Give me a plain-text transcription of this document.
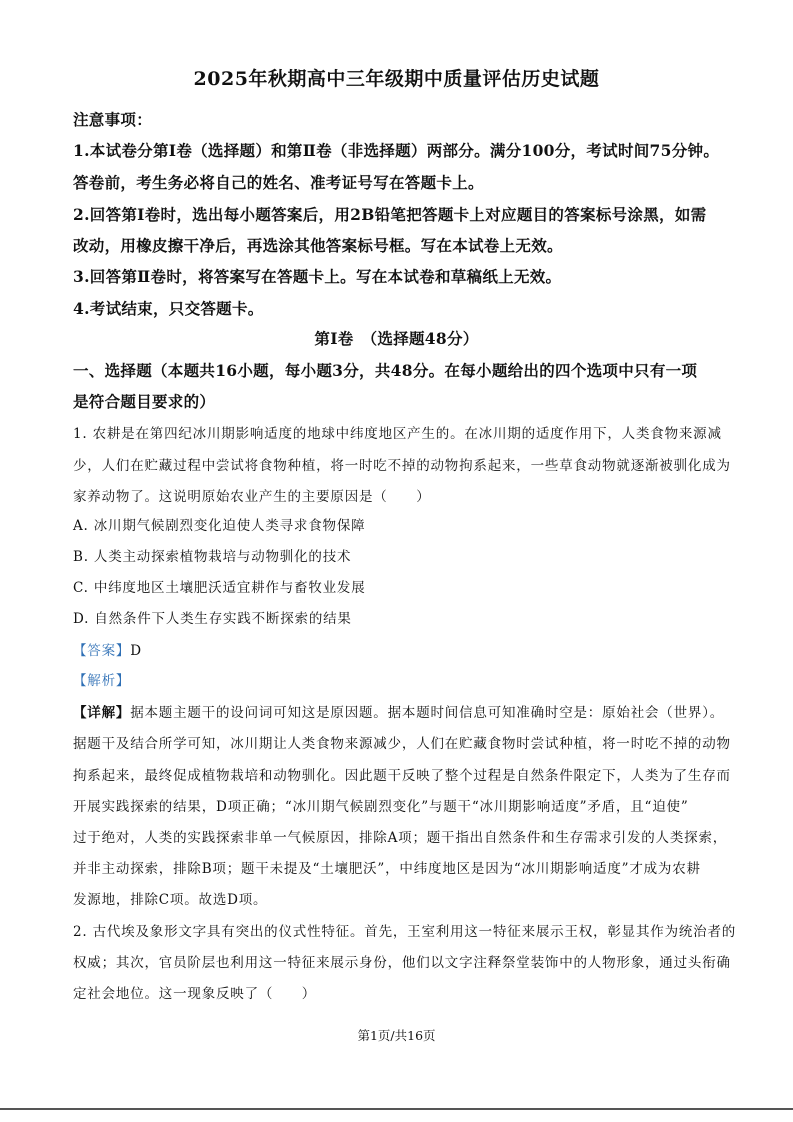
2025年秋期高中三年级期中质量评估历史试题
注意事项：
1.本试卷分第Ⅰ卷（选择题）和第Ⅱ卷（非选择题）两部分。满分100分，考试时间75分钟。
答卷前，考生务必将自己的姓名、准考证号写在答题卡上。
2.回答第Ⅰ卷时，选出每小题答案后，用2B铅笔把答题卡上对应题目的答案标号涂黑，如需
改动，用橡皮擦干净后，再选涂其他答案标号框。写在本试卷上无效。
3.回答第Ⅱ卷时，将答案写在答题卡上。写在本试卷和草稿纸上无效。
4.考试结束，只交答题卡。
第Ⅰ卷　（选择题48分）
一、选择题（本题共16小题，每小题3分，共48分。在每小题给出的四个选项中只有一项
是符合题目要求的）
1. 农耕是在第四纪冰川期影响适度的地球中纬度地区产生的。在冰川期的适度作用下，人类食物来源减
少，人们在贮藏过程中尝试将食物种植，将一时吃不掉的动物拘系起来，一些草食动物就逐渐被驯化成为
家养动物了。这说明原始农业产生的主要原因是（　　）
A. 冰川期气候剧烈变化迫使人类寻求食物保障
B. 人类主动探索植物栽培与动物驯化的技术
C. 中纬度地区土壤肥沃适宜耕作与畜牧业发展
D. 自然条件下人类生存实践不断探索的结果
【答案】D
【解析】
【详解】据本题主题干的设问词可知这是原因题。据本题时间信息可知准确时空是：原始社会（世界）。
据题干及结合所学可知，冰川期让人类食物来源减少，人们在贮藏食物时尝试种植，将一时吃不掉的动物
拘系起来，最终促成植物栽培和动物驯化。因此题干反映了整个过程是自然条件限定下，人类为了生存而
开展实践探索的结果，D项正确；“冰川期气候剧烈变化”与题干“冰川期影响适度”矛盾，且“迫使”
过于绝对，人类的实践探索非单一气候原因，排除A项；题干指出自然条件和生存需求引发的人类探索，
并非主动探索，排除B项；题干未提及“土壤肥沃”，中纬度地区是因为“冰川期影响适度”才成为农耕
发源地，排除C项。故选D项。
2. 古代埃及象形文字具有突出的仪式性特征。首先，王室利用这一特征来展示王权，彰显其作为统治者的
权威；其次，官员阶层也利用这一特征来展示身份，他们以文字注释祭堂装饰中的人物形象，通过头衔确
定社会地位。这一现象反映了（　　）
第1页/共16页
